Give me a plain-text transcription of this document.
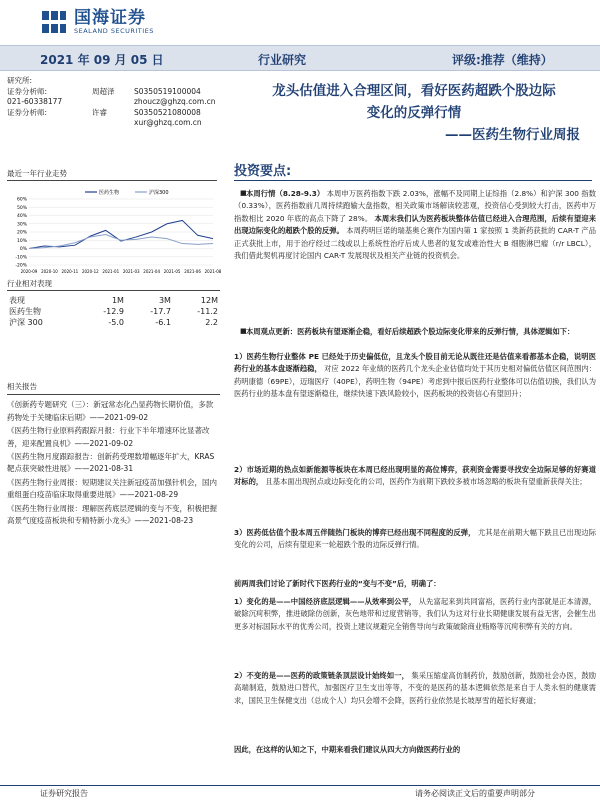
国海证券
SEALAND SECURITIES
2021 年 09 月 05 日	行业研究	评级:推荐（维持）
研究所:
证券分析师:	周超泽	S0350519100004
021-60338177	zhoucz@ghzq.com.cn
证券分析师:	许睿	S0350521080008
xur@ghzq.com.cn
最近一年行业走势
60%
50%
40%
30%
20%
10%
0%
-10%
-20%
2020-09 2020-10 2020-11 2020-12 2021-01 2021-03 2021-04 2021-05 2021-06 2021-08
医药生物	沪深300
行业相对表现
表现	1M	3M	12M
医药生物	-12.9	-17.7	-11.2
沪深 300	-5.0	-6.1	2.2
相关报告
《创新药专题研究（三）：新冠常态化凸显药物长期价值，多款药物处于关键临床后期》——2021-09-02
《医药生物行业原料药跟踪月报：行业下半年增速环比显著改善，迎来配置良机》——2021-09-02
《医药生物月度跟踪报告：创新药受理数增幅逐年扩大，KRAS 靶点获突破性进展》——2021-08-31
《医药生物行业周报：短期建议关注新冠疫苗加强针机会，国内重组蛋白疫苗临床取得重要进展》——2021-08-29
《医药生物行业周报：理解医药底层逻辑的变与不变，积极把握高景气度疫苗板块和专精特新小龙头》——2021-08-23
龙头估值进入合理区间，看好医药超跌个股边际
变化的反弹行情
——医药生物行业周报
投资要点:
本周行情（8.28-9.3） 本周申万医药指数下跌 2.03%，涨幅不及同期上证综指（2.8%）和沪深 300 指数（0.33%），医药指数前几周持续跑输大盘指数，相关政策市场解读较悲观，投资信心受到较大打击，医药申万指数相比 2020 年底的高点下降了 28%。 本周末我们认为医药板块整体估值已经进入合理范围，后续有望迎来出现边际变化的超跌个股的反弹。 本周药明巨诺的瑞基奥仑赛作为国内第 1 家按照 1 类新药获批的 CAR-T 产品正式获批上市，用于治疗经过二线或以上系统性治疗后成人患者的复发或难治性大 B 细胞淋巴瘤（r/r LBCL），我们借此契机再度讨论国内 CAR-T 发展现状及相关产业链的投资机会。
■
本周观点更新：医药板块有望逐渐企稳，看好后续超跌个股边际变化带来的反弹行情，具体逻辑如下：
■
1）医药生物行业整体 PE 已经处于历史偏低位，且龙头个股目前无论从既往还是估值来看都基本企稳，说明医药行业的基本盘逐渐趋稳， 对应 2022 年业绩的医药几个龙头企业估值均处于其历史相对偏低估值区间范围内：药明康德（69PE），迈瑞医疗（40PE），药明生物（94PE）考虑到中报后医药行业整体可以估值切换，我们认为医药行业的基本盘有望逐渐稳住，继续快速下跌风险较小，医药板块的投资信心有望回升；
2）市场近期的热点如新能源等板块在本周已经出现明显的高位博弈，获利资金需要寻找安全边际足够的好赛道对标的， 且基本面出现拐点或边际变化的公司，医药作为前期下跌较多被市场忽略的板块有望重新获得关注；
3）医药低估值个股本周五伴随热门板块的博弈已经出现不同程度的反弹， 尤其是在前期大幅下跌且已出现边际变化的公司，后续有望迎来一轮超跌个股的边际反弹行情。
前两周我们讨论了新时代下医药行业的“变与不变”后，明确了：
1）变化的是——中国经济底层逻辑——从效率到公平， 从先富起来到共同富裕，医药行业内部就是正本清源，破除沉疴积弊，推进破除仿创新，灰色地带和过度营销等，我们认为这对行业长期健康发展有益无害，会催生出更多对标国际水平的优秀公司，投资上建议规避完全销售导向与政策破除商业贿赂等沉疴积弊有关的方向。
2）不变的是——医药的政策链条顶层设计始终如一， 集采压缩虚高仿制药价，鼓励创新，鼓励社会办医，鼓励高端制造，鼓励进口替代，加强医疗卫生支出等等，不变的是医药的基本逻辑依然是来自于人类永恒的健康需求，国民卫生保健支出（总成个人）均只会增不会降，医药行业依然是长坡厚雪的超长好赛道；
因此，在这样的认知之下，中期来看我们建议从四大方向做医药行业的
证券研究报告	请务必阅读正文后的重要声明部分
